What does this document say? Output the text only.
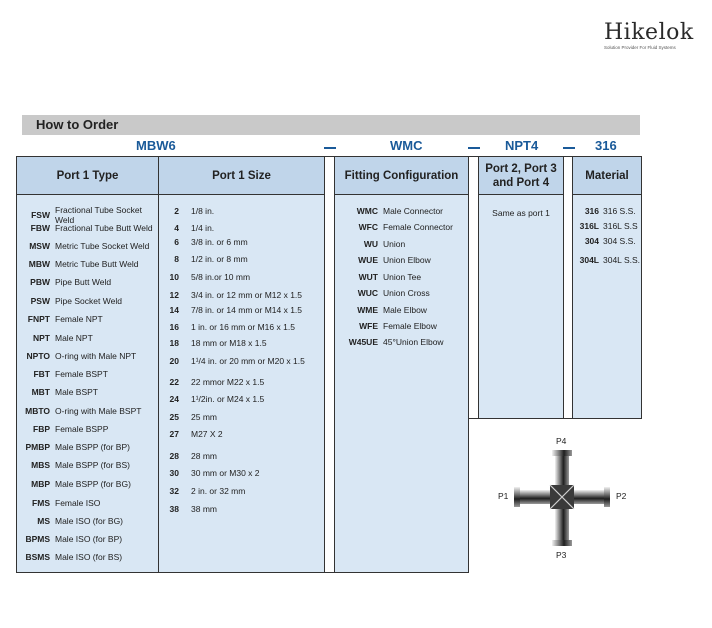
Hikelok
Solution Provider For Fluid Systems
How to Order
MBW6	WMC	NPT4	316
Port 1 Type
FSW Fractional Tube Socket
Weld
FBW Fractional Tube Butt Weld
MSW Metric Tube Socket Weld
MBW Metric Tube Butt Weld
PBW Pipe Butt Weld
PSW Pipe Socket Weld
FNPT Female NPT
NPT Male NPT
NPTO O-ring with Male NPT
FBT Female BSPT
MBT Male BSPT
MBTO O-ring with Male BSPT
FBP Female BSPP
PMBP Male BSPP (for BP)
MBS Male BSPP (for BS)
MBP Male BSPP (for BG)
FMS Female ISO
MS Male ISO (for BG)
BPMS Male ISO (for BP)
BSMS Male ISO (for BS)
Port 1 Size
2 1/8 in.
4 1/4 in.
6 3/8 in. or 6 mm
8 1/2 in. or 8 mm
10 5/8 in.or 10 mm
12 3/4 in. or 12 mm or M12 x 1.5
14 7/8 in. or 14 mm or M14 x 1.5
16 1 in. or 16 mm or M16 x 1.5
18 18 mm or M18 x 1.5
20 1¹/4 in. or 20 mm or M20 x 1.5
22 22 mmor M22 x 1.5
24 1¹/2in. or M24 x 1.5
25 25 mm
27 M27 X 2
28 28 mm
30 30 mm or M30 x 2
32 2 in. or 32 mm
38 38 mm
Fitting Configuration
WMC Male Connector
WFC Female Connector
WU Union
WUE Union Elbow
WUT Union Tee
WUC Union Cross
WME Male Elbow
WFE Female Elbow
W45UE 45°Union Elbow
Port 2, Port 3
and Port 4
Same as port 1
Material
316 316 S.S.
316L 316L S.S
304 304 S.S.
304L 304L S.S.
P4
P1	P2
P3
